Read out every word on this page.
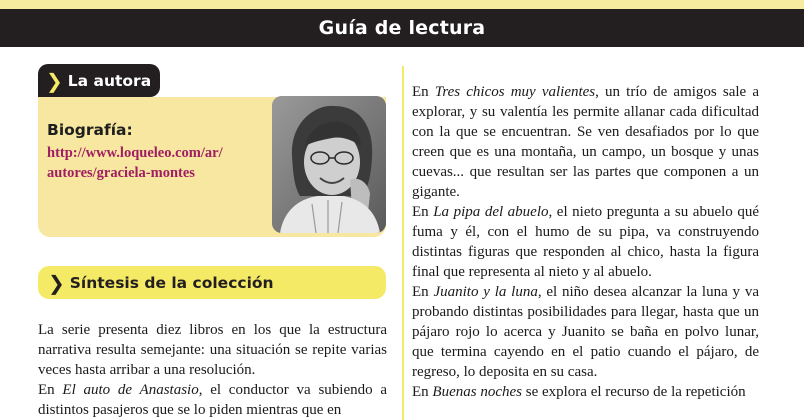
Guía de lectura
❯ La autora
Biografía:
http://www.loqueleo.com/ar/
autores/graciela-montes
❯ Síntesis de la colección

La serie presenta diez libros en los que la estructura narrativa resulta semejante: una situación se repite varias veces hasta arribar a una resolución.

En El auto de Anastasio, el conductor va subiendo a distintos pasajeros que se lo piden mientras que en

En Tres chicos muy valientes, un trío de amigos sale a explorar, y su valentía les permite allanar cada dificultad con la que se encuentran. Se ven desafiados por lo que creen que es una montaña, un campo, un bosque y unas cuevas... que resultan ser las partes que componen a un gigante.

En La pipa del abuelo, el nieto pregunta a su abuelo qué fuma y él, con el humo de su pipa, va construyendo distintas figuras que responden al chico, hasta la figura final que representa al nieto y al abuelo.

En Juanito y la luna, el niño desea alcanzar la luna y va probando distintas posibilidades para llegar, hasta que un pájaro rojo lo acerca y Juanito se baña en polvo lunar, que termina cayendo en el patio cuando el pájaro, de regreso, lo deposita en su casa.

En Buenas noches se explora el recurso de la repetición
